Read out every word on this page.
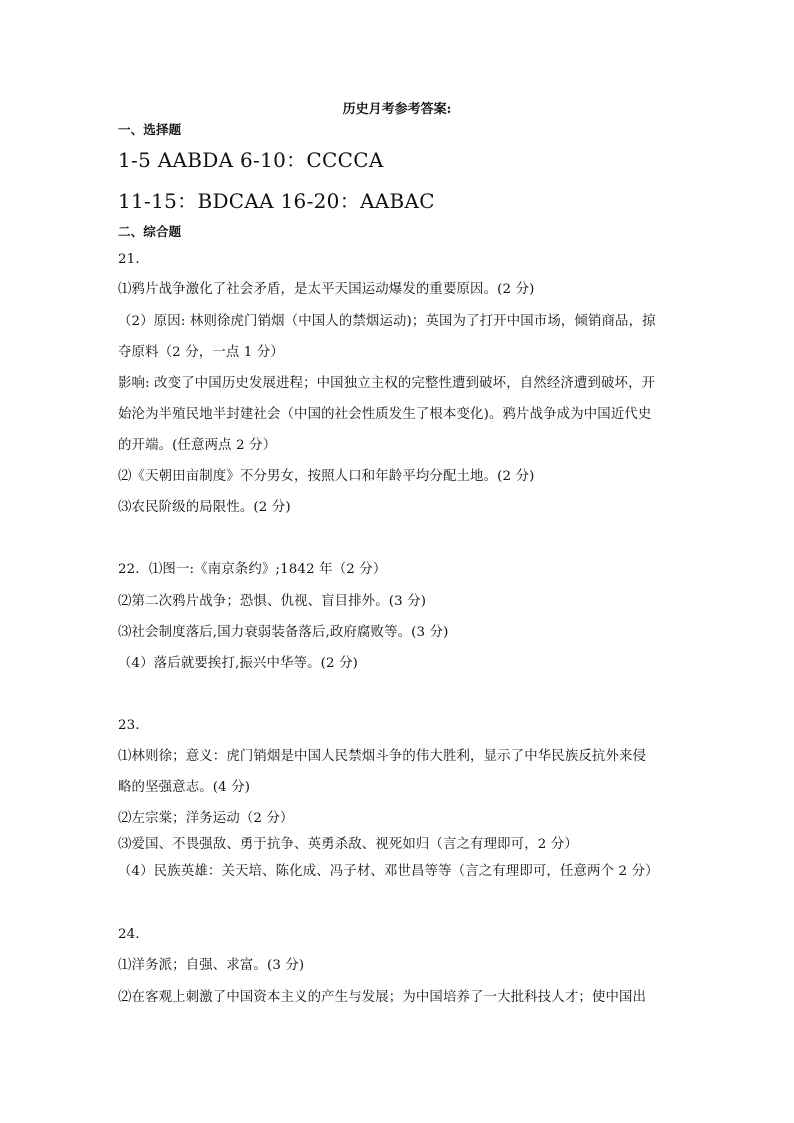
历史月考参考答案:
一、选择题
1-5 AABDA 6-10：CCCCA
11-15：BDCAA 16-20：AABAC
二、综合题
21.
⑴鸦片战争激化了社会矛盾，是太平天国运动爆发的重要原因。(2 分)
（2）原因: 林则徐虎门销烟（中国人的禁烟运动)；英国为了打开中国市场，倾销商品，掠
夺原料（2 分，一点 1 分）
影响: 改变了中国历史发展进程；中国独立主权的完整性遭到破坏，自然经济遭到破坏，开
始沦为半殖民地半封建社会（中国的社会性质发生了根本变化)。鸦片战争成为中国近代史
的开端。(任意两点 2 分）
⑵《天朝田亩制度》不分男女，按照人口和年龄平均分配土地。(2 分)
⑶农民阶级的局限性。(2 分)
22．⑴图一:《南京条约》;1842 年（2 分）
⑵第二次鸦片战争；恐惧、仇视、盲目排外。(3 分)
⑶社会制度落后,国力衰弱装备落后,政府腐败等。(3 分)
（4）落后就要挨打,振兴中华等。(2 分)
23．
⑴林则徐；意义：虎门销烟是中国人民禁烟斗争的伟大胜利，显示了中华民族反抗外来侵
略的坚强意志。(4 分)
⑵左宗棠；洋务运动（2 分）
⑶爱国、不畏强敌、勇于抗争、英勇杀敌、视死如归（言之有理即可，2 分）
（4）民族英雄：关天培、陈化成、冯子材、邓世昌等等（言之有理即可，任意两个 2 分）
24．
⑴洋务派；自强、求富。(3 分)
⑵在客观上刺激了中国资本主义的产生与发展；为中国培养了一大批科技人才；使中国出
